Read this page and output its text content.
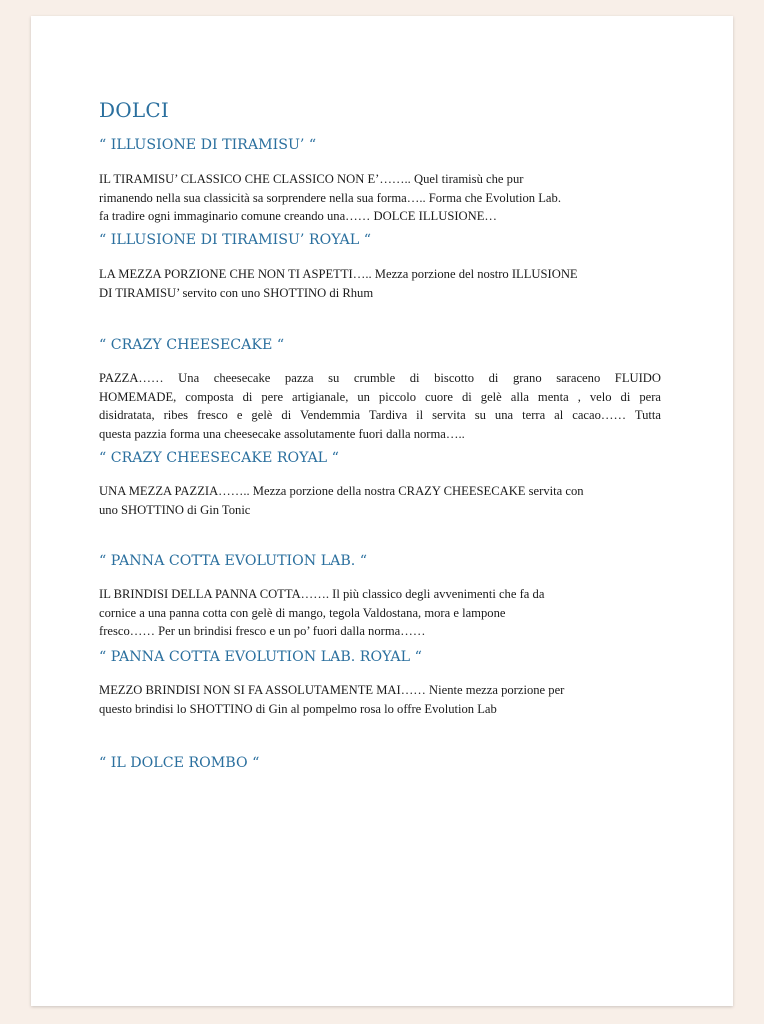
DOLCI
“ ILLUSIONE DI TIRAMISU’ “
IL TIRAMISU’ CLASSICO CHE CLASSICO NON E’…….. Quel tiramisù che pur
rimanendo nella sua classicità sa sorprendere nella sua forma….. Forma che Evolution Lab.
fa tradire ogni immaginario comune creando una…… DOLCE ILLUSIONE…
“ ILLUSIONE DI TIRAMISU’ ROYAL “
LA MEZZA PORZIONE CHE NON TI ASPETTI….. Mezza porzione del nostro ILLUSIONE
DI TIRAMISU’ servito con uno SHOTTINO di Rhum
“ CRAZY CHEESECAKE “
PAZZA…… Una cheesecake pazza su crumble di biscotto di grano saraceno FLUIDO
HOMEMADE, composta di pere artigianale, un piccolo cuore di gelè alla menta , velo di pera
disidratata, ribes fresco e gelè di Vendemmia Tardiva il servita su una terra al cacao…… Tutta
questa pazzia forma una cheesecake assolutamente fuori dalla norma…..
“ CRAZY CHEESECAKE ROYAL “
UNA MEZZA PAZZIA…….. Mezza porzione della nostra CRAZY CHEESECAKE servita con
uno SHOTTINO di Gin Tonic
“ PANNA COTTA EVOLUTION LAB. “
IL BRINDISI DELLA PANNA COTTA……. Il più classico degli avvenimenti che fa da
cornice a una panna cotta con gelè di mango, tegola Valdostana, mora e lampone
fresco…… Per un brindisi fresco e un po’ fuori dalla norma……
“ PANNA COTTA EVOLUTION LAB. ROYAL “
MEZZO BRINDISI NON SI FA ASSOLUTAMENTE MAI…… Niente mezza porzione per
questo brindisi lo SHOTTINO di Gin al pompelmo rosa lo offre Evolution Lab
“ IL DOLCE ROMBO “
